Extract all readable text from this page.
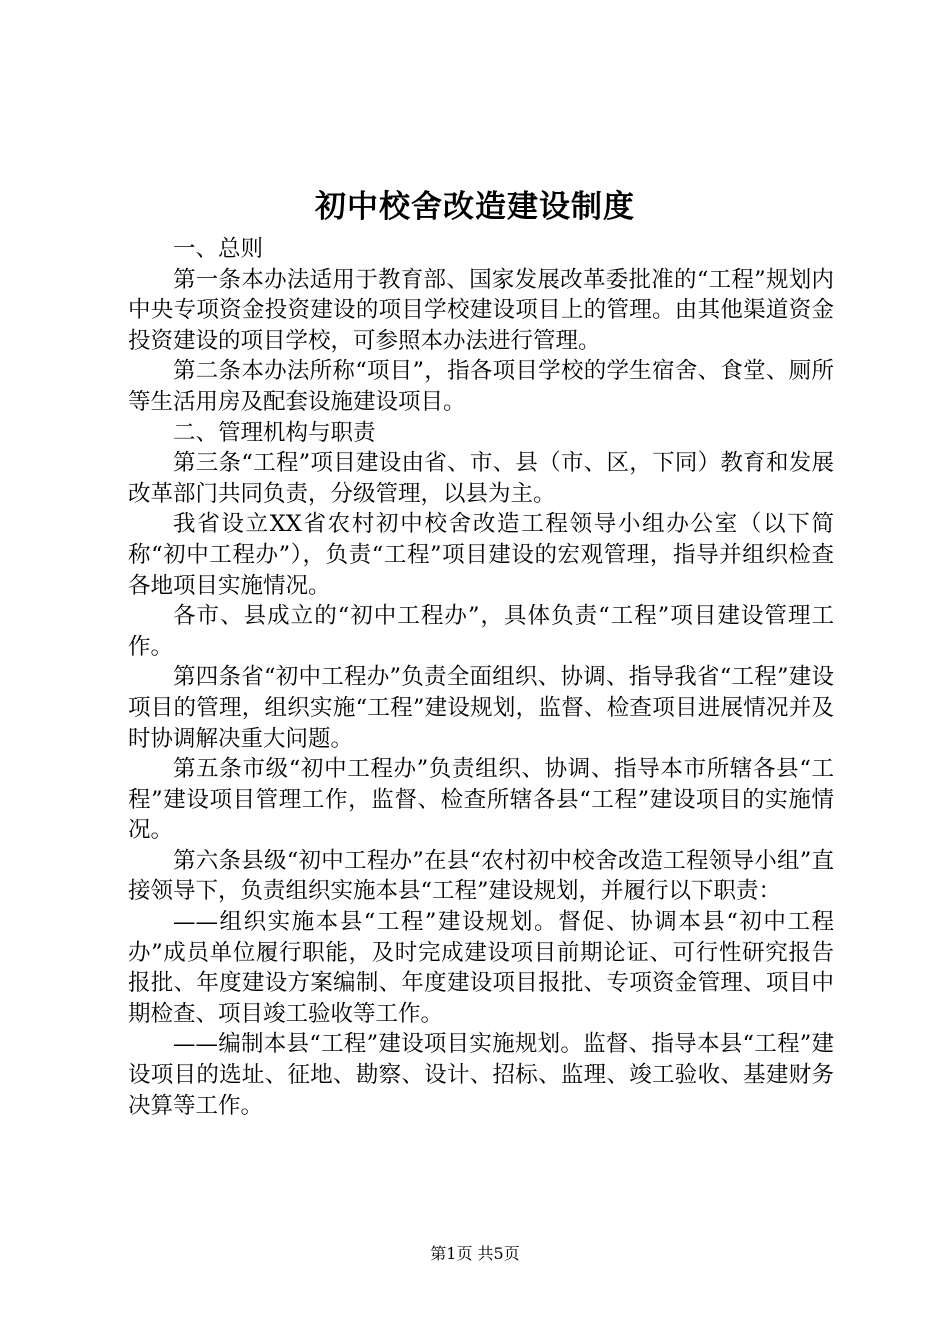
初中校舍改造建设制度

一、总则

第一条本办法适用于教育部、国家发展改革委批准的“工程”规划内中央专项资金投资建设的项目学校建设项目上的管理。由其他渠道资金投资建设的项目学校，可参照本办法进行管理。

第二条本办法所称“项目”，指各项目学校的学生宿舍、食堂、厕所等生活用房及配套设施建设项目。

二、管理机构与职责

第三条“工程”项目建设由省、市、县（市、区，下同）教育和发展改革部门共同负责，分级管理，以县为主。

我省设立XX省农村初中校舍改造工程领导小组办公室（以下简称“初中工程办”），负责“工程”项目建设的宏观管理，指导并组织检查各地项目实施情况。

各市、县成立的“初中工程办”，具体负责“工程”项目建设管理工作。

第四条省“初中工程办”负责全面组织、协调、指导我省“工程”建设项目的管理，组织实施“工程”建设规划，监督、检查项目进展情况并及时协调解决重大问题。

第五条市级“初中工程办”负责组织、协调、指导本市所辖各县“工程”建设项目管理工作，监督、检查所辖各县“工程”建设项目的实施情况。

第六条县级“初中工程办”在县“农村初中校舍改造工程领导小组”直接领导下，负责组织实施本县“工程”建设规划，并履行以下职责：

——组织实施本县“工程”建设规划。督促、协调本县“初中工程办”成员单位履行职能，及时完成建设项目前期论证、可行性研究报告报批、年度建设方案编制、年度建设项目报批、专项资金管理、项目中期检查、项目竣工验收等工作。

——编制本县“工程”建设项目实施规划。监督、指导本县“工程”建设项目的选址、征地、勘察、设计、招标、监理、竣工验收、基建财务决算等工作。

第1页 共5页
